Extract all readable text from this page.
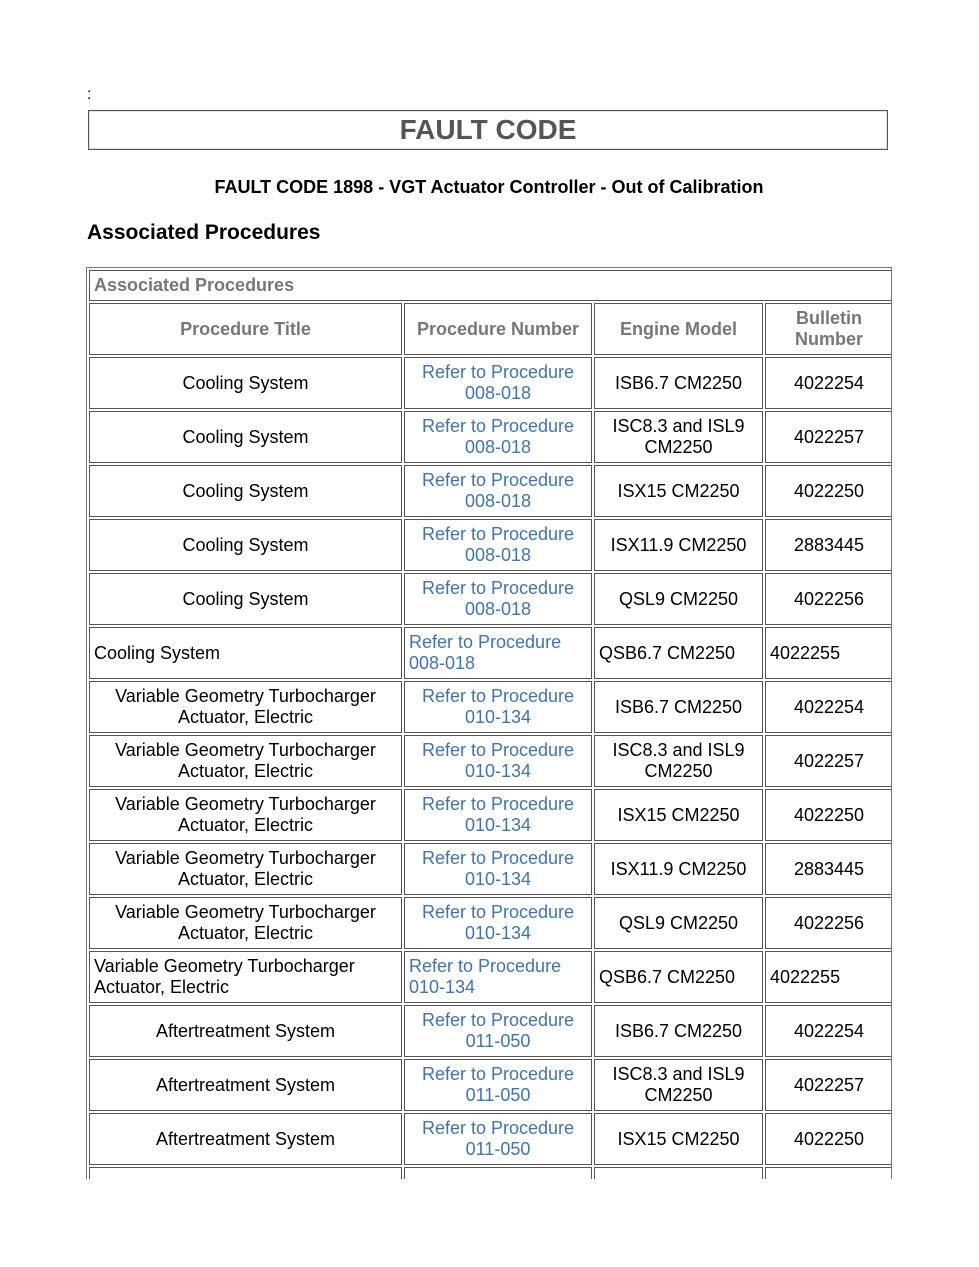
:
FAULT CODE
FAULT CODE 1898 - VGT Actuator Controller - Out of Calibration
Associated Procedures
Associated Procedures			
Procedure Title	Procedure Number	Engine Model	Bulletin Number
Cooling System	Refer to Procedure 008-018	ISB6.7 CM2250	4022254
Cooling System	Refer to Procedure 008-018	ISC8.3 and ISL9 CM2250	4022257
Cooling System	Refer to Procedure 008-018	ISX15 CM2250	4022250
Cooling System	Refer to Procedure 008-018	ISX11.9 CM2250	2883445
Cooling System	Refer to Procedure 008-018	QSL9 CM2250	4022256
Cooling System	Refer to Procedure 008-018	QSB6.7 CM2250	4022255
Variable Geometry Turbocharger Actuator, Electric	Refer to Procedure 010-134	ISB6.7 CM2250	4022254
Variable Geometry Turbocharger Actuator, Electric	Refer to Procedure 010-134	ISC8.3 and ISL9 CM2250	4022257
Variable Geometry Turbocharger Actuator, Electric	Refer to Procedure 010-134	ISX15 CM2250	4022250
Variable Geometry Turbocharger Actuator, Electric	Refer to Procedure 010-134	ISX11.9 CM2250	2883445
Variable Geometry Turbocharger Actuator, Electric	Refer to Procedure 010-134	QSL9 CM2250	4022256
Variable Geometry Turbocharger Actuator, Electric	Refer to Procedure 010-134	QSB6.7 CM2250	4022255
Aftertreatment System	Refer to Procedure 011-050	ISB6.7 CM2250	4022254
Aftertreatment System	Refer to Procedure 011-050	ISC8.3 and ISL9 CM2250	4022257
Aftertreatment System	Refer to Procedure 011-050	ISX15 CM2250	4022250
